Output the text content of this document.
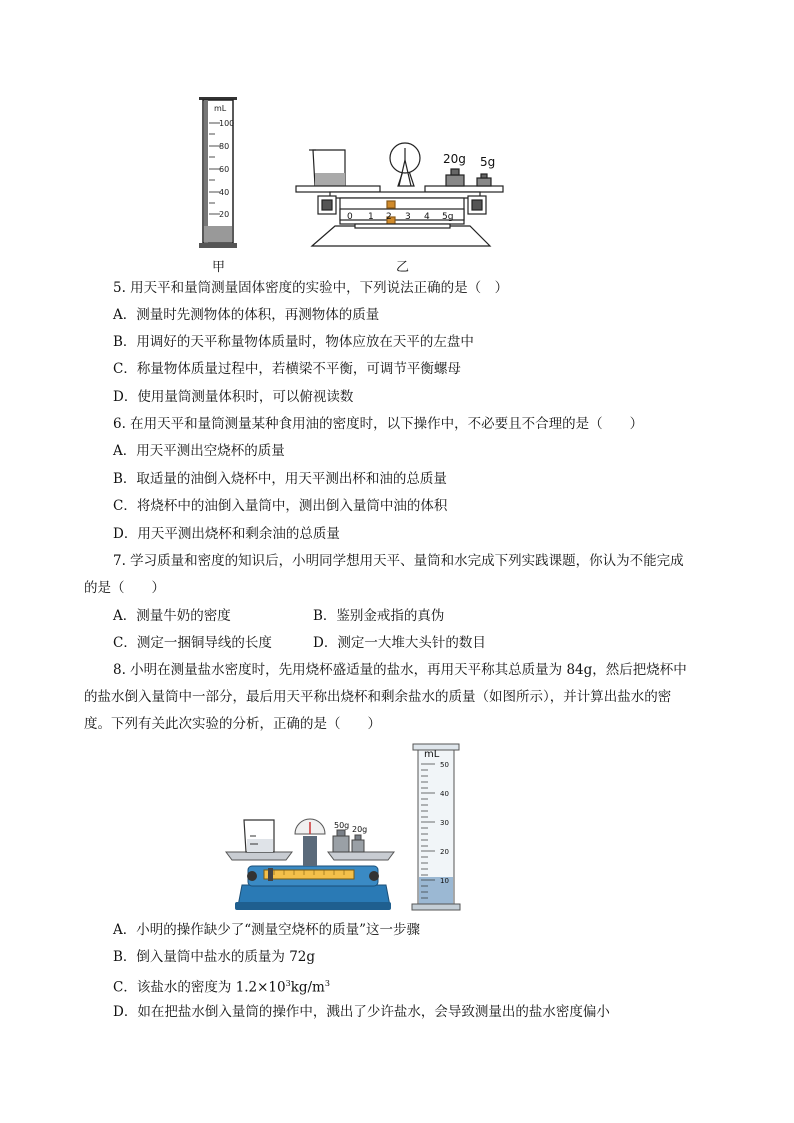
mL
100
80
60
40
20
20g 5g
0 1 2 3 4 5g
甲	乙
5. 用天平和量筒测量固体密度的实验中，下列说法正确的是（　）
A．测量时先测物体的体积，再测物体的质量
B．用调好的天平称量物体质量时，物体应放在天平的左盘中
C．称量物体质量过程中，若横梁不平衡，可调节平衡螺母
D．使用量筒测量体积时，可以俯视读数
6. 在用天平和量筒测量某种食用油的密度时，以下操作中，不必要且不合理的是（　　）
A．用天平测出空烧杯的质量
B．取适量的油倒入烧杯中，用天平测出杯和油的总质量
C．将烧杯中的油倒入量筒中，测出倒入量筒中油的体积
D．用天平测出烧杯和剩余油的总质量
7. 学习质量和密度的知识后，小明同学想用天平、量筒和水完成下列实践课题，你认为不能完成
的是（　　）
A．测量牛奶的密度	B．鉴别金戒指的真伪
C．测定一捆铜导线的长度	D．测定一大堆大头针的数目
8. 小明在测量盐水密度时，先用烧杯盛适量的盐水，再用天平称其总质量为 84g，然后把烧杯中
的盐水倒入量筒中一部分，最后用天平称出烧杯和剩余盐水的质量（如图所示），并计算出盐水的密
度。下列有关此次实验的分析，正确的是（　　）
50g 20g
mL
50
40
30
20
10
A．小明的操作缺少了“测量空烧杯的质量”这一步骤
B．倒入量筒中盐水的质量为 72g
C．该盐水的密度为 $1.2\times 10^3kg/m^3$
D．如在把盐水倒入量筒的操作中，溅出了少许盐水，会导致测量出的盐水密度偏小
